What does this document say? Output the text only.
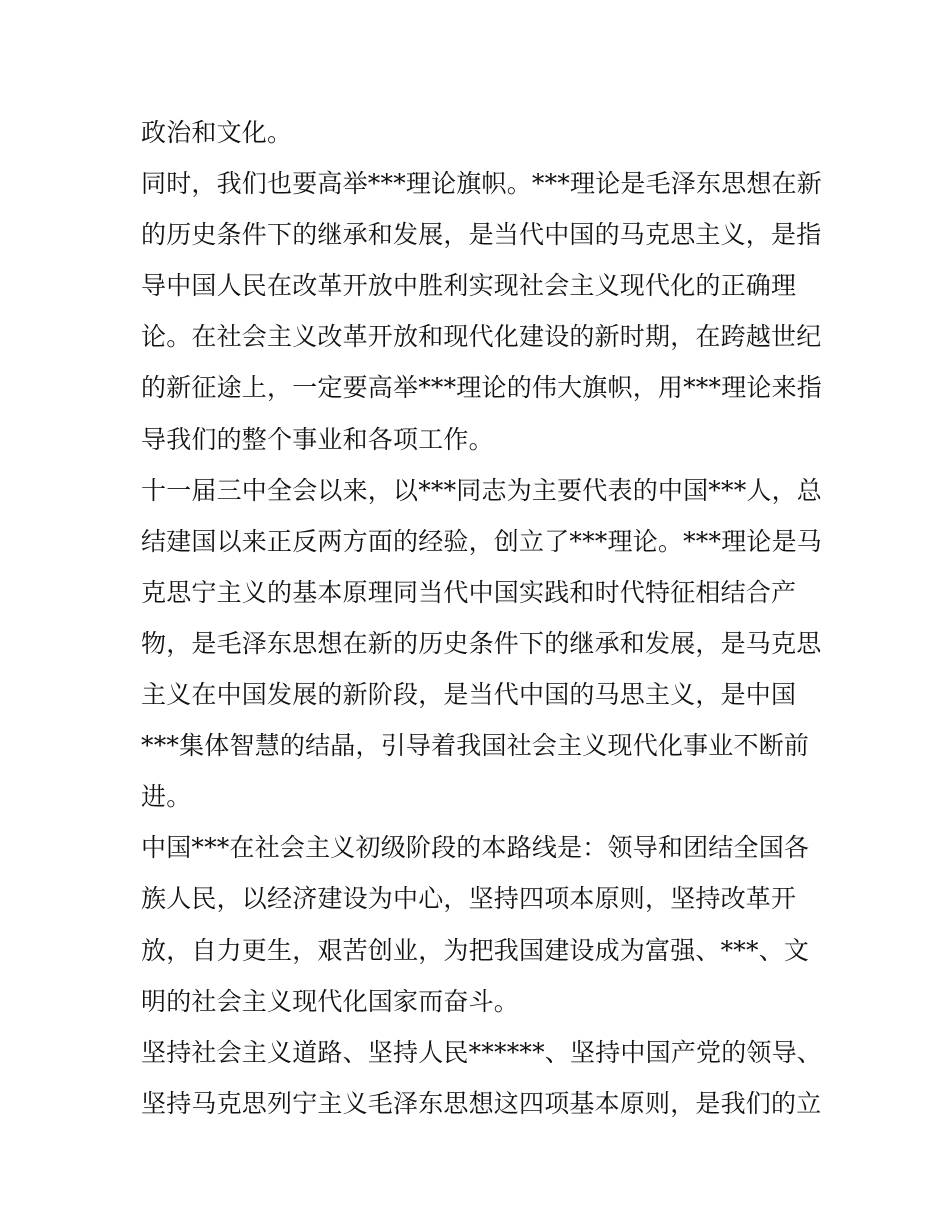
政治和文化。
同时，我们也要高举***理论旗帜。***理论是毛泽东思想在新
的历史条件下的继承和发展，是当代中国的马克思主义，是指
导中国人民在改革开放中胜利实现社会主义现代化的正确理
论。在社会主义改革开放和现代化建设的新时期，在跨越世纪
的新征途上，一定要高举***理论的伟大旗帜，用***理论来指
导我们的整个事业和各项工作。
十一届三中全会以来，以***同志为主要代表的中国***人，总
结建国以来正反两方面的经验，创立了***理论。***理论是马
克思宁主义的基本原理同当代中国实践和时代特征相结合产
物，是毛泽东思想在新的历史条件下的继承和发展，是马克思
主义在中国发展的新阶段，是当代中国的马思主义，是中国
***集体智慧的结晶，引导着我国社会主义现代化事业不断前
进。
中国***在社会主义初级阶段的本路线是：领导和团结全国各
族人民，以经济建设为中心，坚持四项本原则，坚持改革开
放，自力更生，艰苦创业，为把我国建设成为富强、***、文
明的社会主义现代化国家而奋斗。
坚持社会主义道路、坚持人民******、坚持中国产党的领导、
坚持马克思列宁主义毛泽东思想这四项基本原则，是我们的立
